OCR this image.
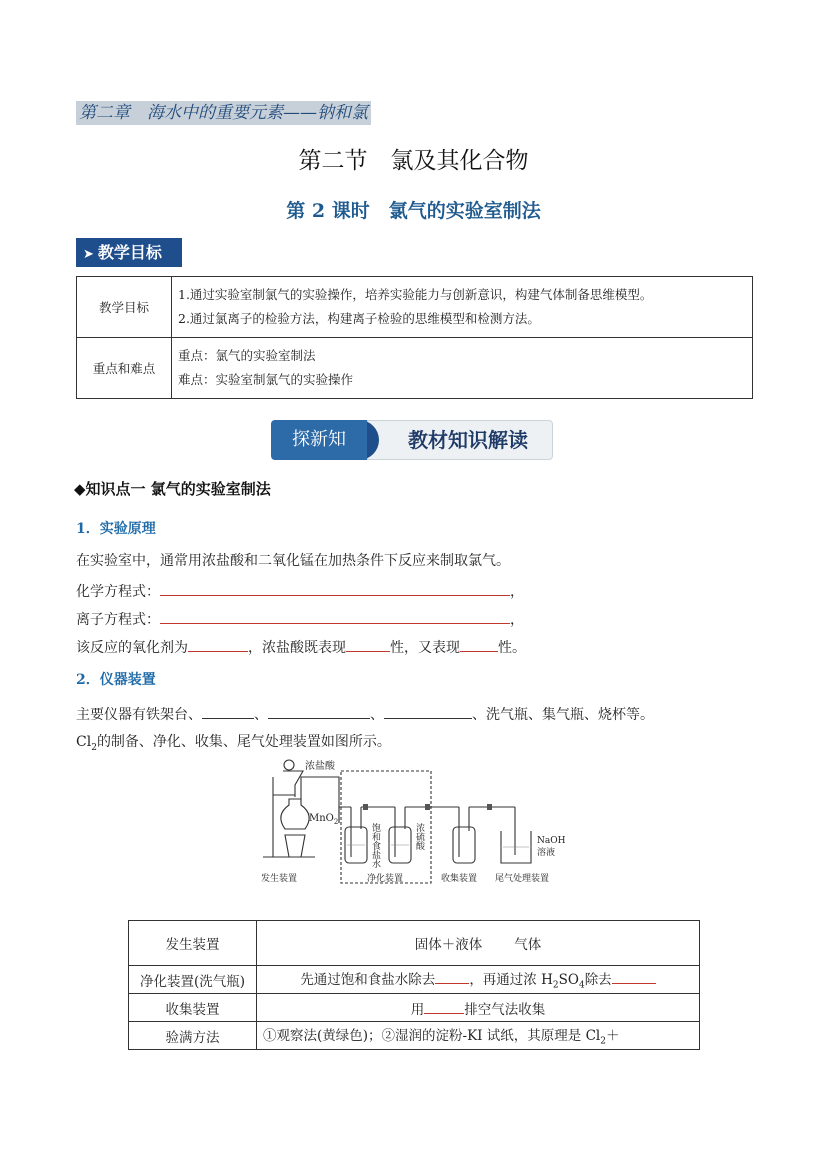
第二章　海水中的重要元素——钠和氯
第二节　氯及其化合物
第 2 课时　氯气的实验室制法
➤ 教学目标
教学目标	1.通过实验室制氯气的实验操作，培养实验能力与创新意识，构建气体制备思维模型。

2.通过氯离子的检验方法，构建离子检验的思维模型和检测方法。

重点和难点	重点：氯气的实验室制法

难点：实验室制氯气的实验操作

教材知识解读
探新知
◆知识点一 氯气的实验室制法
1．实验原理
在实验室中，通常用浓盐酸和二氧化锰在加热条件下反应来制取氯气。
化学方程式：	，
离子方程式：	，
该反应的氧化剂为	，浓盐酸既表现	性，又表现	性。
2．仪器装置
主要仪器有铁架台、	、	、	、洗气瓶、集气瓶、烧杯等。
$Cl_2$的制备、净化、收集、尾气处理装置如图所示。
浓盐酸
MnO$_2$
饱和食盐水	浓硫酸	NaOH
溶液
发生装置	净化装置	收集装置 尾气处理装置
发生装置	固体＋液体 气体
净化装置(洗气瓶)	先通过饱和食盐水除去 ，再通过浓 $H_2SO_4$除去
收集装置	用 排空气法收集
验满方法	①观察法(黄绿色)；②湿润的淀粉-KI 试纸，其原理是 $Cl_2+$
